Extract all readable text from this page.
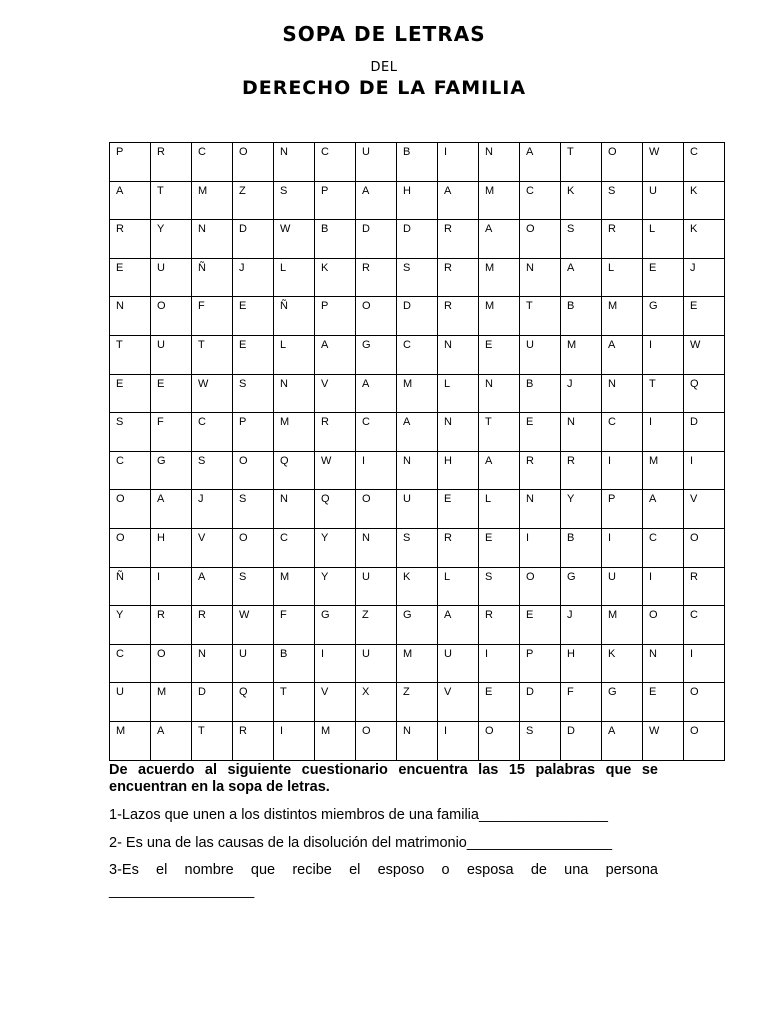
SOPA DE LETRAS
DEL
DERECHO DE LA FAMILIA
P	R	C	O	N	C	U	B	I	N	A	T	O	W	C
A	T	M	Z	S	P	A	H	A	M	C	K	S	U	K
R	Y	N	D	W	B	D	D	R	A	O	S	R	L	K
E	U	Ñ	J	L	K	R	S	R	M	N	A	L	E	J
N	O	F	E	Ñ	P	O	D	R	M	T	B	M	G	E
T	U	T	E	L	A	G	C	N	E	U	M	A	I	W
E	E	W	S	N	V	A	M	L	N	B	J	N	T	Q
S	F	C	P	M	R	C	A	N	T	E	N	C	I	D
C	G	S	O	Q	W	I	N	H	A	R	R	I	M	I
O	A	J	S	N	Q	O	U	E	L	N	Y	P	A	V
O	H	V	O	C	Y	N	S	R	E	I	B	I	C	O
Ñ	I	A	S	M	Y	U	K	L	S	O	G	U	I	R
Y	R	R	W	F	G	Z	G	A	R	E	J	M	O	C
C	O	N	U	B	I	U	M	U	I	P	H	K	N	I
U	M	D	Q	T	V	X	Z	V	E	D	F	G	E	O
M	A	T	R	I	M	O	N	I	O	S	D	A	W	O
De acuerdo al siguiente cuestionario encuentra las 15 palabras que se encuentran en la sopa de letras.
1-Lazos que unen a los distintos miembros de una familia________________
2- Es una de las causas de la disolución del matrimonio__________________
3-Es el nombre que recibe el esposo o esposa de una persona
__________________
